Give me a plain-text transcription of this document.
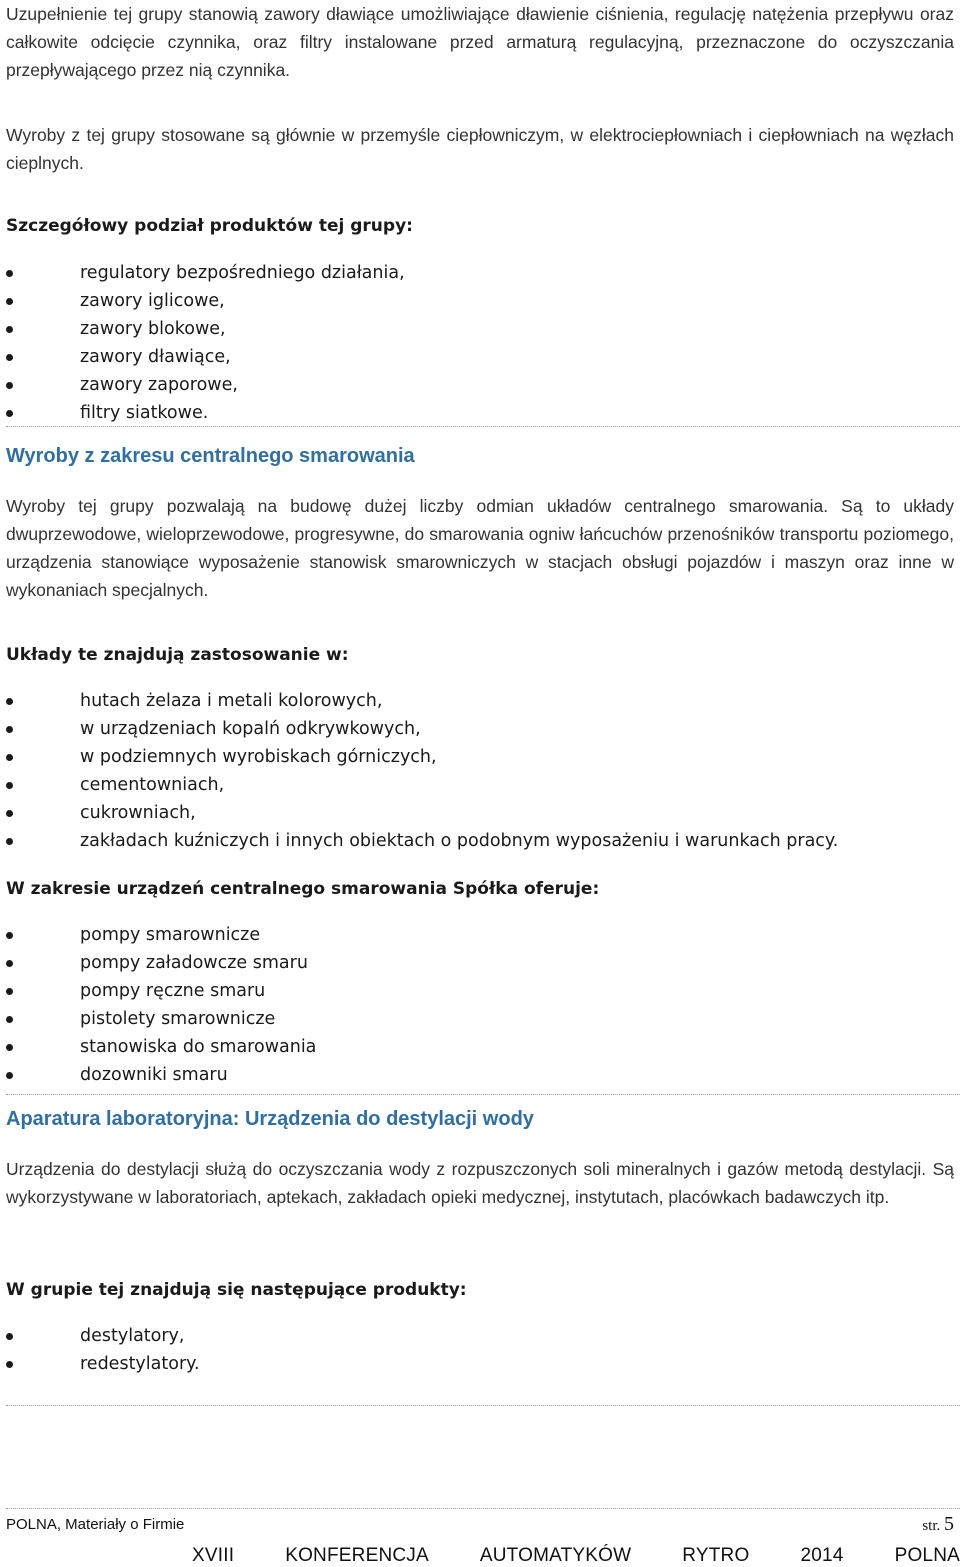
Uzupełnienie tej grupy stanowią zawory dławiące umożliwiające dławienie ciśnienia, regulację natężenia przepływu oraz całkowite odcięcie czynnika, oraz filtry instalowane przed armaturą regulacyjną, przeznaczone do oczyszczania przepływającego przez nią czynnika.
Wyroby z tej grupy stosowane są głównie w przemyśle ciepłowniczym, w elektrociepłowniach i ciepłowniach na węzłach cieplnych.
Szczegółowy podział produktów tej grupy:
regulatory bezpośredniego działania,
zawory iglicowe,
zawory blokowe,
zawory dławiące,
zawory zaporowe,
filtry siatkowe.
Wyroby z zakresu centralnego smarowania
Wyroby tej grupy pozwalają na budowę dużej liczby odmian układów centralnego smarowania. Są to układy dwuprzewodowe, wieloprzewodowe, progresywne, do smarowania ogniw łańcuchów przenośników transportu poziomego, urządzenia stanowiące wyposażenie stanowisk smarowniczych w stacjach obsługi pojazdów i maszyn oraz inne w wykonaniach specjalnych.
Układy te znajdują zastosowanie w:
hutach żelaza i metali kolorowych,
w urządzeniach kopalń odkrywkowych,
w podziemnych wyrobiskach górniczych,
cementowniach,
cukrowniach,
zakładach kuźniczych i innych obiektach o podobnym wyposażeniu i warunkach pracy.
W zakresie urządzeń centralnego smarowania Spółka oferuje:
pompy smarownicze
pompy załadowcze smaru
pompy ręczne smaru
pistolety smarownicze
stanowiska do smarowania
dozowniki smaru
Aparatura laboratoryjna: Urządzenia do destylacji wody
Urządzenia do destylacji służą do oczyszczania wody z rozpuszczonych soli mineralnych i gazów metodą destylacji. Są wykorzystywane w laboratoriach, aptekach, zakładach opieki medycznej, instytutach, placówkach badawczych itp.
W grupie tej znajdują się następujące produkty:
destylatory,
redestylatory.
POLNA, Materiały o Firmie	str. 5
XVIII	KONFERENCJA	AUTOMATYKÓW	RYTRO	2014	POLNA
